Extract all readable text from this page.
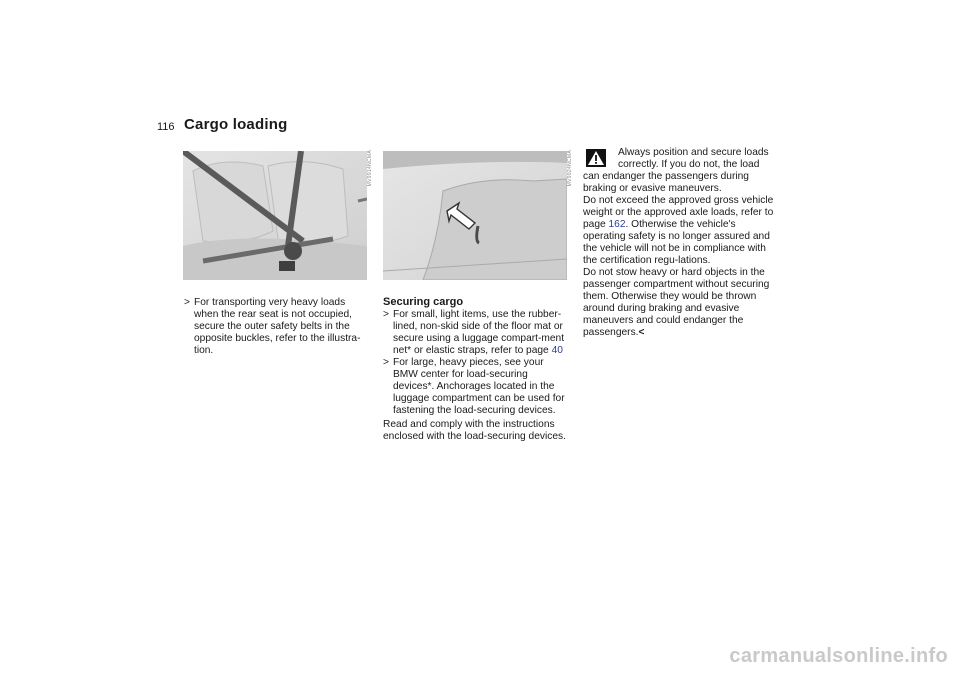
116 Cargo loading
MV9914NCMA	MV9924NCMA
> For transporting very heavy loads when the rear seat is not occupied, secure the outer safety belts in the opposite buckles, refer to the illustra-tion.

Securing cargo

> For small, light items, use the rubber-lined, non-skid side of the floor mat or secure using a luggage compart-ment net* or elastic straps, refer to page 40
> For large, heavy pieces, see your BMW center for load-securing devices*. Anchorages located in the luggage compartment can be used for fastening the load-securing devices.

Read and comply with the instructions enclosed with the load-securing devices.

Always position and secure loads correctly. If you do not, the load can endanger the passengers during braking or evasive maneuvers.

Do not exceed the approved gross vehicle weight or the approved axle loads, refer to page 162. Otherwise the vehicle's operating safety is no longer assured and the vehicle will not be in compliance with the certification regu-lations.

Do not stow heavy or hard objects in the passenger compartment without securing them. Otherwise they would be thrown around during braking and evasive maneuvers and could endanger the passengers.<

carmanualsonline.info
